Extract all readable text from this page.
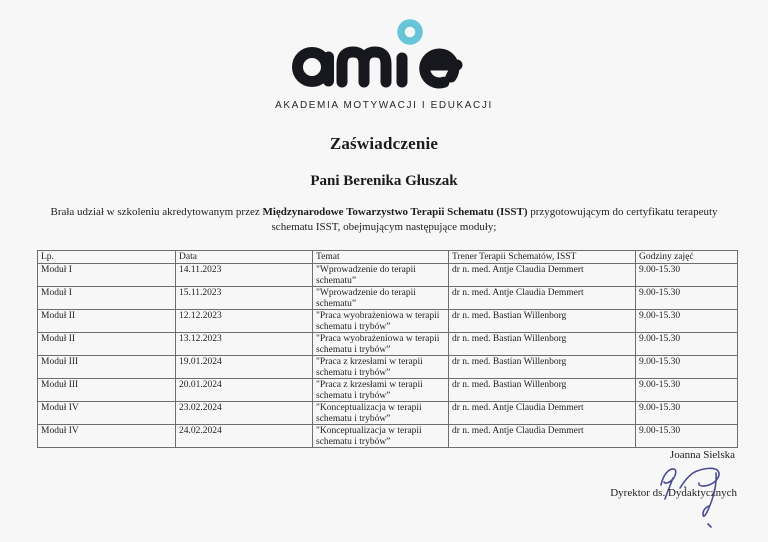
AKADEMIA MOTYWACJI I EDUKACJI
Zaświadczenie
Pani Berenika Głuszak
Brała udział w szkoleniu akredytowanym przez Międzynarodowe Towarzystwo Terapii Schematu (ISST) przygotowującym do certyfikatu terapeuty schematu ISST, obejmującym następujące moduły;
Lp.	Data	Temat	Trener Terapii Schematów, ISST	Godziny zajęć
Moduł I	14.11.2023	"Wprowadzenie do terapii schematu”	dr n. med. Antje Claudia Demmert	9.00-15.30
Moduł I	15.11.2023	"Wprowadzenie do terapii schematu”	dr n. med. Antje Claudia Demmert	9.00-15.30
Moduł II	12.12.2023	"Praca wyobrażeniowa w terapii schematu i trybów”	dr n. med. Bastian Willenborg	9.00-15.30
Moduł II	13.12.2023	"Praca wyobrażeniowa w terapii schematu i trybów”	dr n. med. Bastian Willenborg	9.00-15.30
Moduł III	19.01.2024	"Praca z krzesłami w terapii schematu i trybów”	dr n. med. Bastian Willenborg	9.00-15.30
Moduł III	20.01.2024	"Praca z krzesłami w terapii schematu i trybów”	dr n. med. Bastian Willenborg	9.00-15.30
Moduł IV	23.02.2024	"Konceptualizacja w terapii schematu i trybów”	dr n. med. Antje Claudia Demmert	9.00-15.30
Moduł IV	24.02.2024	"Konceptualizacja w terapii schematu i trybów”	dr n. med. Antje Claudia Demmert	9.00-15.30
Joanna Sielska
Dyrektor ds. Dydaktycznych
